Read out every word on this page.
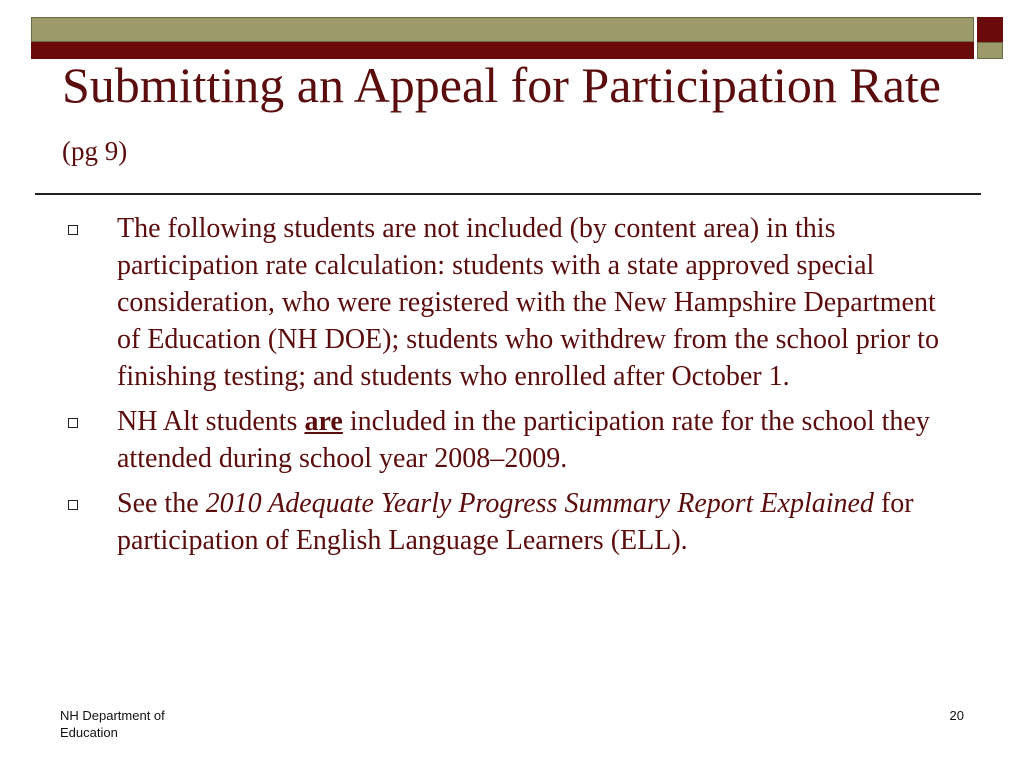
Submitting an Appeal for Participation Rate (pg 9)
The following students are not included (by content area) in this participation rate calculation: students with a state approved special consideration, who were registered with the New Hampshire Department of Education (NH DOE); students who withdrew from the school prior to finishing testing; and students who enrolled after October 1.
NH Alt students are included in the participation rate for the school they attended during school year 2008–2009.
See the 2010 Adequate Yearly Progress Summary Report Explained for participation of English Language Learners (ELL).
NH Department of Education
20
